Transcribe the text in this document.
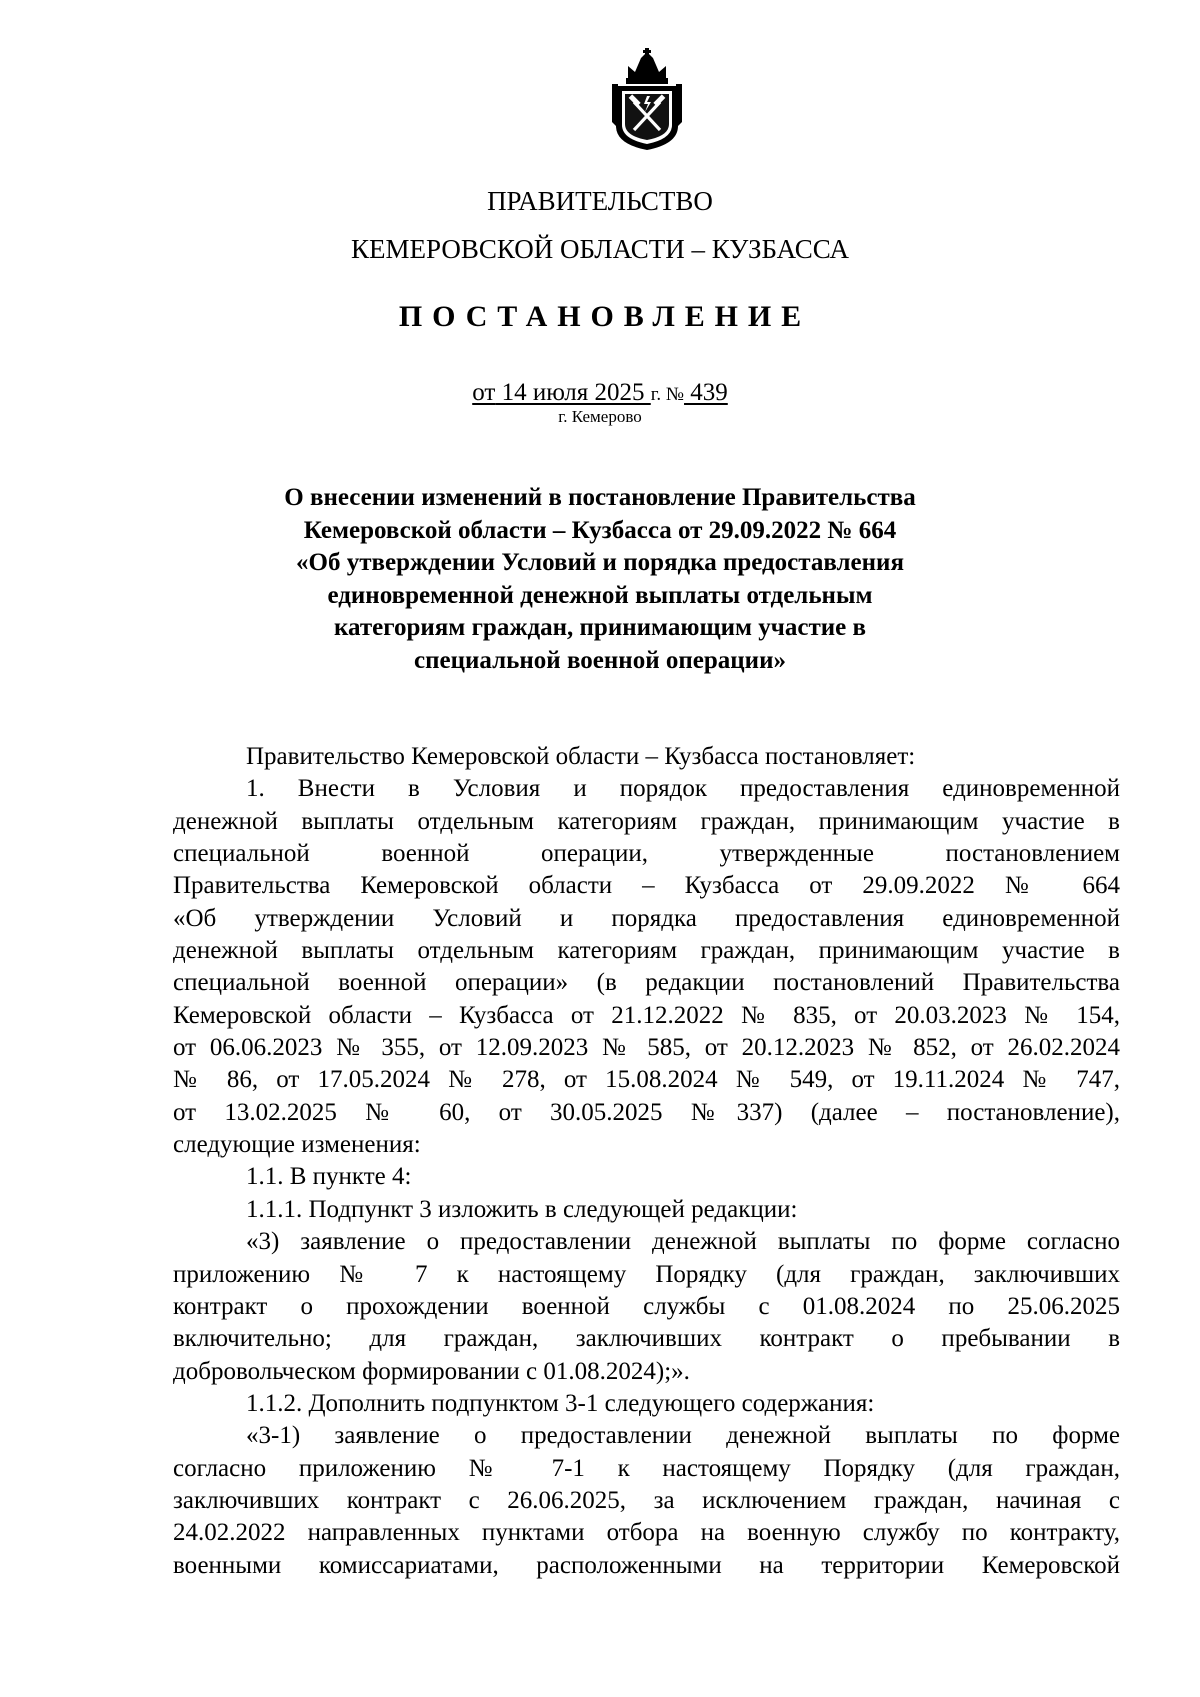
ПРАВИТЕЛЬСТВО
КЕМЕРОВСКОЙ ОБЛАСТИ – КУЗБАССА
ПОСТАНОВЛЕНИЕ
от 14 июля 2025 г. № 439
г. Кемерово
О внесении изменений в постановление Правительства
Кемеровской области – Кузбасса от 29.09.2022 № 664
«Об утверждении Условий и порядка предоставления
единовременной денежной выплаты отдельным
категориям граждан, принимающим участие в
специальной военной операции»
Правительство Кемеровской области – Кузбасса постановляет:
1. Внести в Условия и порядок предоставления единовременной
денежной выплаты отдельным категориям граждан, принимающим участие в
специальной военной операции, утвержденные постановлением
Правительства Кемеровской области – Кузбасса от 29.09.2022 № 664
«Об утверждении Условий и порядка предоставления единовременной
денежной выплаты отдельным категориям граждан, принимающим участие в
специальной военной операции» (в редакции постановлений Правительства
Кемеровской области – Кузбасса от 21.12.2022 № 835, от 20.03.2023 № 154,
от 06.06.2023 № 355, от 12.09.2023 № 585, от 20.12.2023 № 852, от 26.02.2024
№ 86, от 17.05.2024 № 278, от 15.08.2024 № 549, от 19.11.2024 № 747,
от 13.02.2025 № 60, от 30.05.2025 №337) (далее – постановление),
следующие изменения:
1.1. В пункте 4:
1.1.1. Подпункт 3 изложить в следующей редакции:
«3) заявление о предоставлении денежной выплаты по форме согласно
приложению № 7 к настоящему Порядку (для граждан, заключивших
контракт о прохождении военной службы с 01.08.2024 по 25.06.2025
включительно; для граждан, заключивших контракт о пребывании в
добровольческом формировании с 01.08.2024);».
1.1.2. Дополнить подпунктом 3-1 следующего содержания:
«3-1) заявление о предоставлении денежной выплаты по форме
согласно приложению № 7-1 к настоящему Порядку (для граждан,
заключивших контракт с 26.06.2025, за исключением граждан, начиная с
24.02.2022 направленных пунктами отбора на военную службу по контракту,
военными комиссариатами, расположенными на территории Кемеровской
